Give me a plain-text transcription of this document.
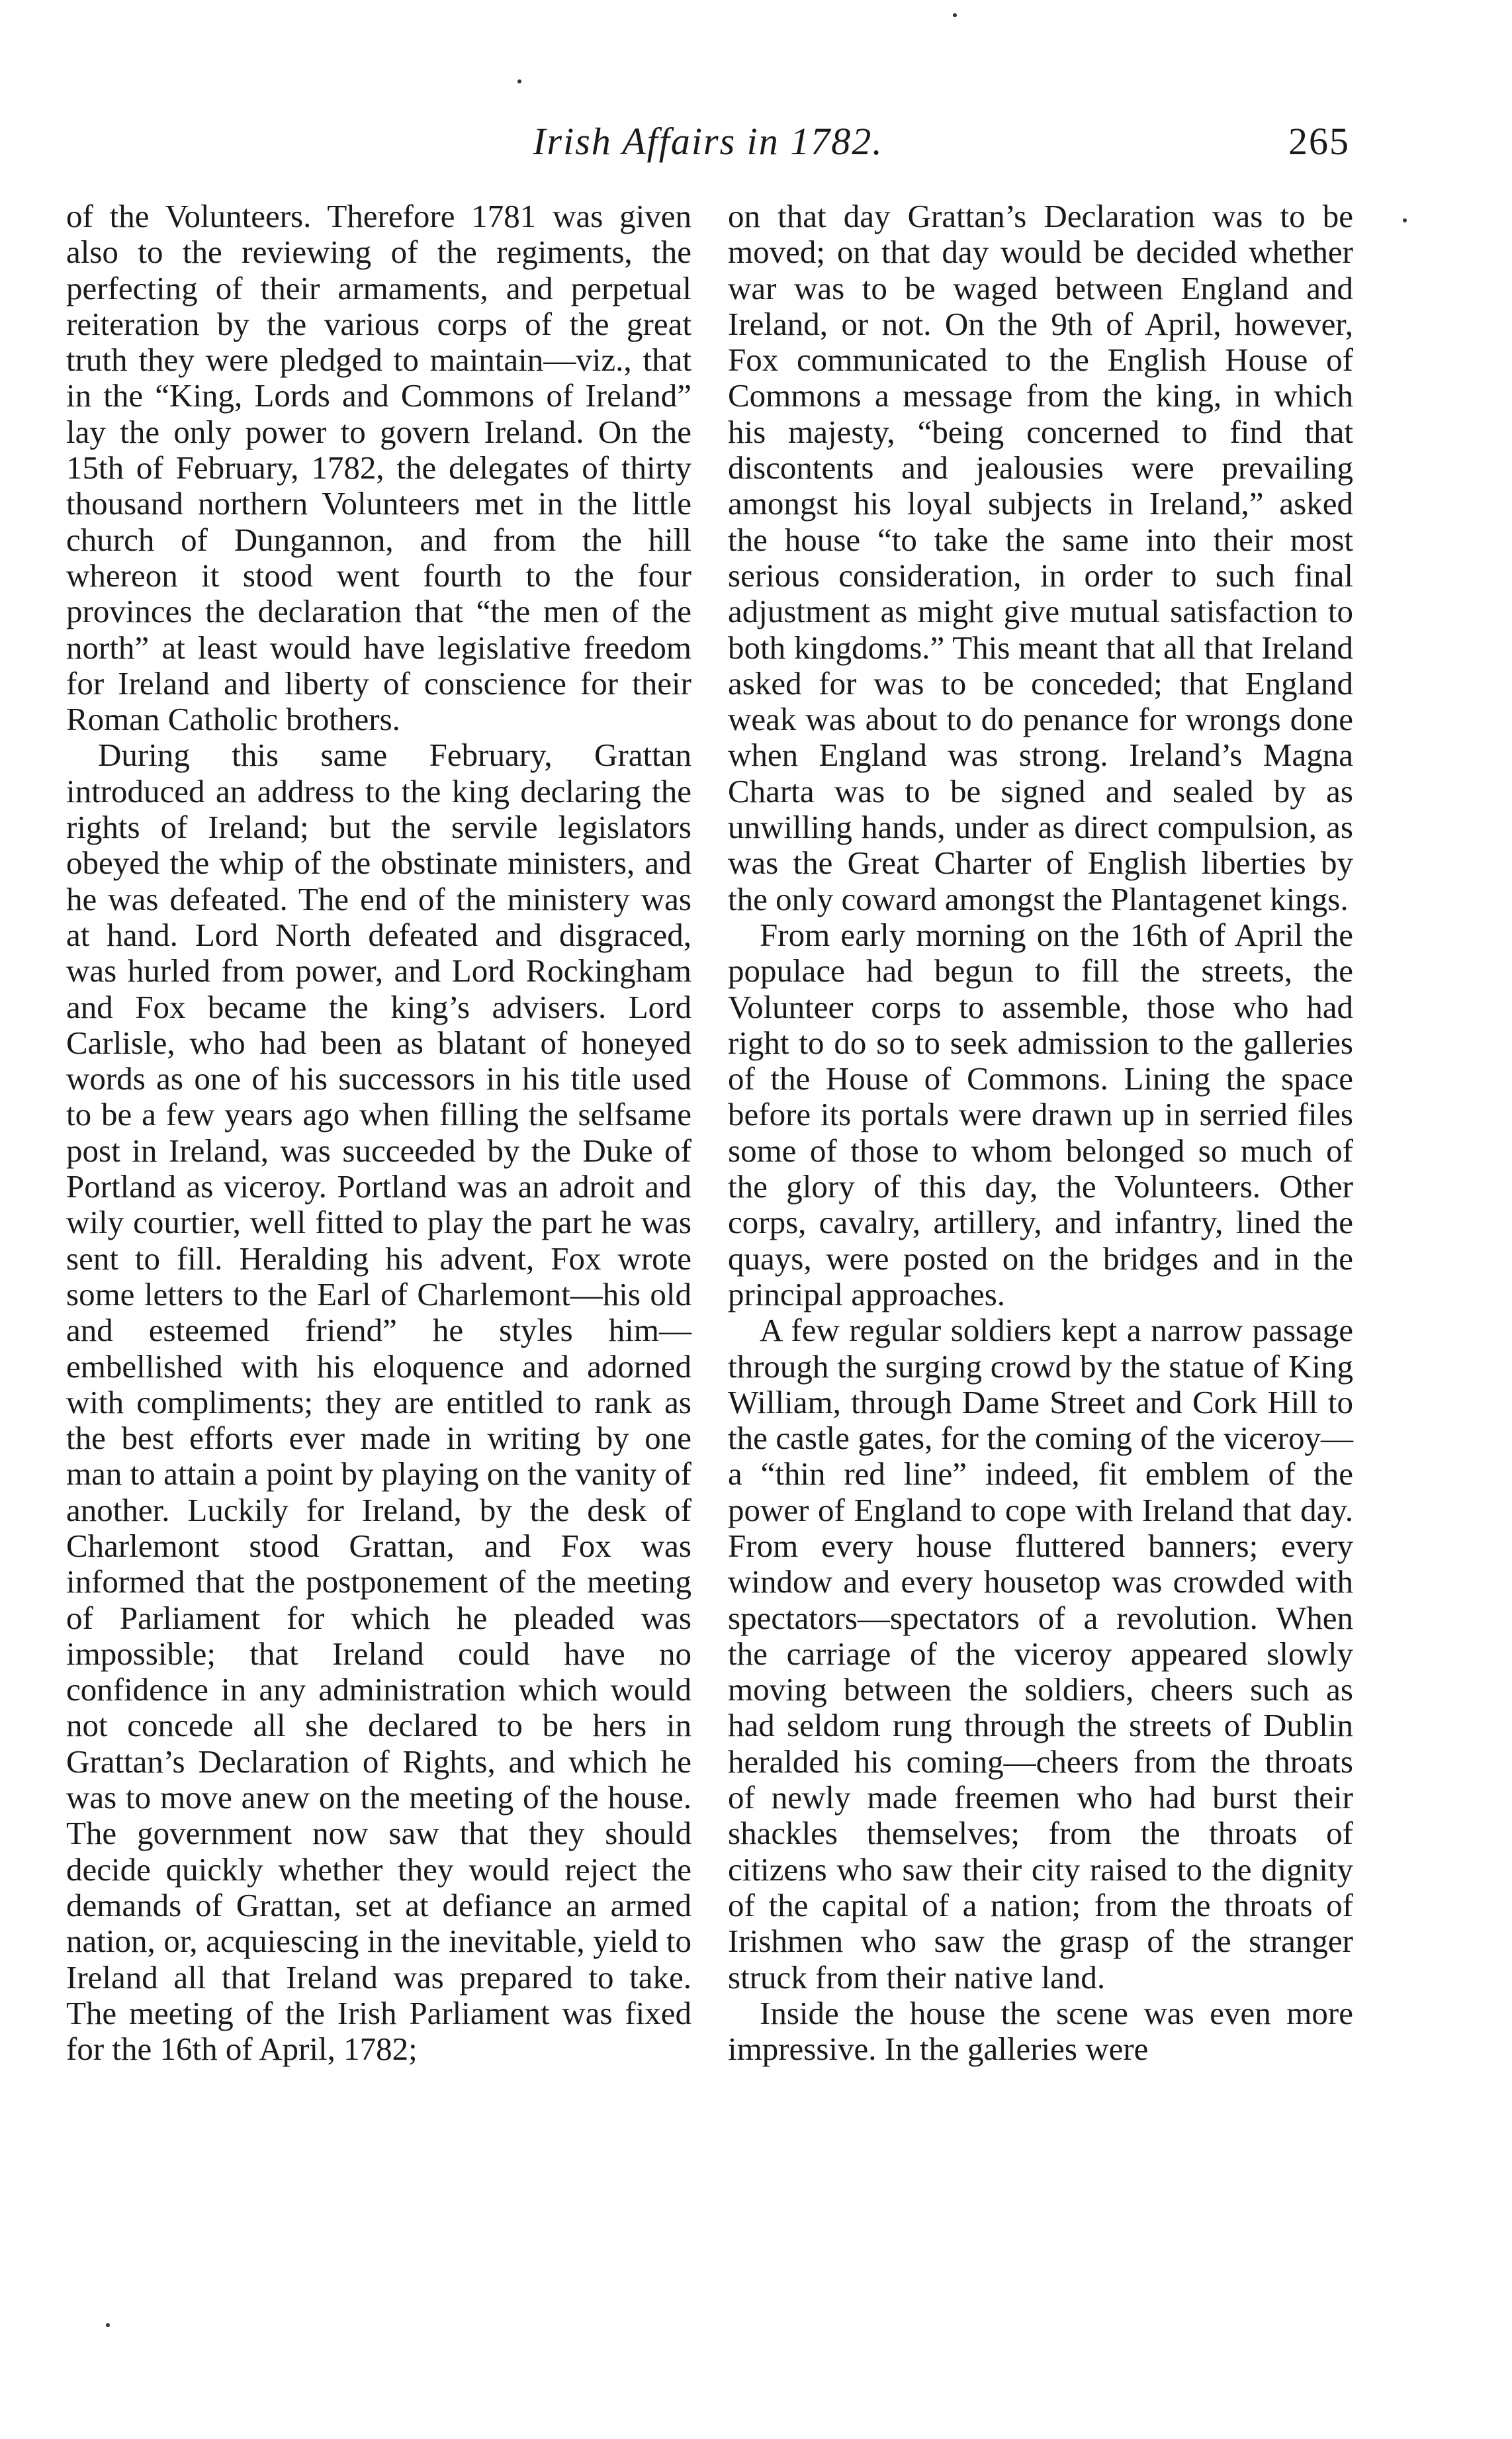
Irish Affairs in 1782.	265

of the Volunteers. Therefore 1781 was given also to the reviewing of the regiments, the perfecting of their armaments, and perpetual reiteration by the various corps of the great truth they were pledged to maintain—viz., that in the “King, Lords and Commons of Ireland” lay the only power to govern Ireland. On the 15th of February, 1782, the delegates of thirty thousand northern Volunteers met in the little church of Dungannon, and from the hill whereon it stood went fourth to the four provinces the declaration that “the men of the north” at least would have legislative freedom for Ireland and liberty of conscience for their Roman Catholic brothers.

During this same February, Grattan introduced an address to the king declaring the rights of Ireland; but the servile legislators obeyed the whip of the obstinate ministers, and he was defeated. The end of the ministery was at hand. Lord North defeated and disgraced, was hurled from power, and Lord Rockingham and Fox became the king’s advisers. Lord Carlisle, who had been as blatant of honeyed words as one of his successors in his title used to be a few years ago when filling the selfsame post in Ireland, was succeeded by the Duke of Portland as viceroy. Portland was an adroit and wily courtier, well fitted to play the part he was sent to fill. Heralding his advent, Fox wrote some letters to the Earl of Charlemont—his old and esteemed friend” he styles him—embellished with his eloquence and adorned with compliments; they are entitled to rank as the best efforts ever made in writing by one man to attain a point by playing on the vanity of another. Luckily for Ireland, by the desk of Charlemont stood Grattan, and Fox was informed that the postponement of the meeting of Parliament for which he pleaded was impossible; that Ireland could have no confidence in any administration which would not concede all she declared to be hers in Grattan’s Declaration of Rights, and which he was to move anew on the meeting of the house. The government now saw that they should decide quickly whether they would reject the demands of Grattan, set at defiance an armed nation, or, acquiescing in the inevitable, yield to Ireland all that Ireland was prepared to take. The meeting of the Irish Parliament was fixed for the 16th of April, 1782;

on that day Grattan’s Declaration was to be moved; on that day would be decided whether war was to be waged between England and Ireland, or not. On the 9th of April, however, Fox communicated to the English House of Commons a message from the king, in which his majesty, “being concerned to find that discontents and jealousies were prevailing amongst his loyal subjects in Ireland,” asked the house “to take the same into their most serious consideration, in order to such final adjustment as might give mutual satisfaction to both kingdoms.” This meant that all that Ireland asked for was to be conceded; that England weak was about to do penance for wrongs done when England was strong. Ireland’s Magna Charta was to be signed and sealed by as unwilling hands, under as direct compulsion, as was the Great Charter of English liberties by the only coward amongst the Plantagenet kings.

From early morning on the 16th of April the populace had begun to fill the streets, the Volunteer corps to assemble, those who had right to do so to seek admission to the galleries of the House of Commons. Lining the space before its portals were drawn up in serried files some of those to whom belonged so much of the glory of this day, the Volunteers. Other corps, cavalry, artillery, and infantry, lined the quays, were posted on the bridges and in the principal approaches.

A few regular soldiers kept a narrow passage through the surging crowd by the statue of King William, through Dame Street and Cork Hill to the castle gates, for the coming of the viceroy—a “thin red line” indeed, fit emblem of the power of England to cope with Ireland that day. From every house fluttered banners; every window and every housetop was crowded with spectators—spectators of a revolution. When the carriage of the viceroy appeared slowly moving between the soldiers, cheers such as had seldom rung through the streets of Dublin heralded his coming—cheers from the throats of newly made freemen who had burst their shackles themselves; from the throats of citizens who saw their city raised to the dignity of the capital of a nation; from the throats of Irishmen who saw the grasp of the stranger struck from their native land.

Inside the house the scene was even more impressive. In the galleries were
